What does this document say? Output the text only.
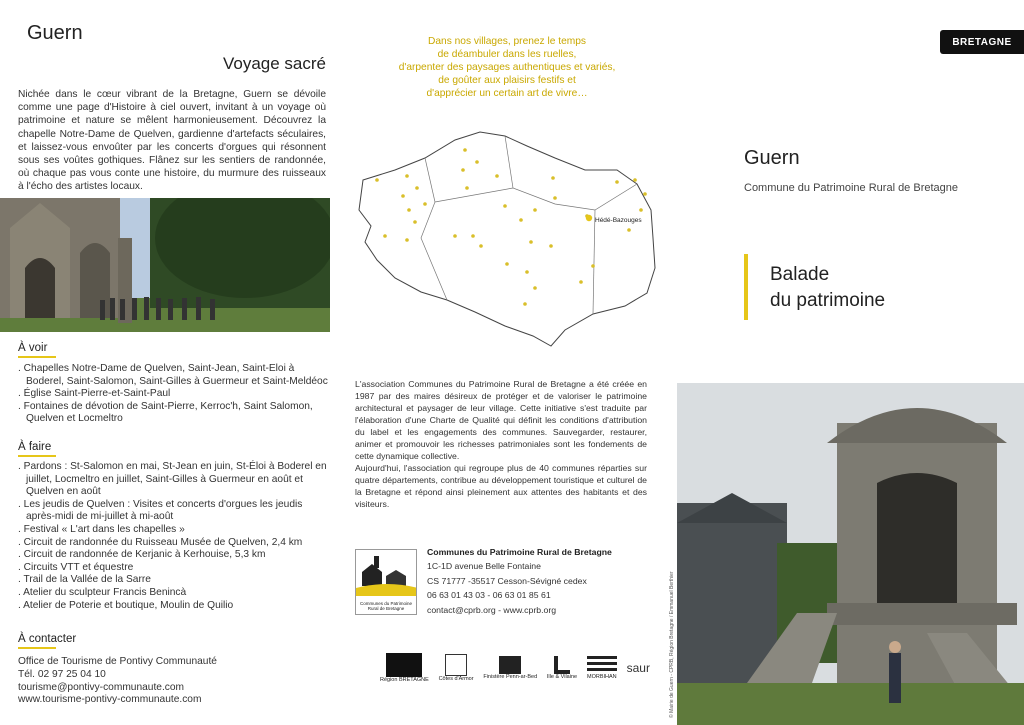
Guern
Voyage sacré
Nichée dans le cœur vibrant de la Bretagne, Guern se dévoile comme une page d'Histoire à ciel ouvert, invitant à un voyage où patrimoine et nature se mêlent harmonieusement. Découvrez la chapelle Notre-Dame de Quelven, gardienne d'artefacts séculaires, et laissez-vous envoûter par les concerts d'orgues qui résonnent sous ses voûtes gothiques. Flânez sur les sentiers de randonnée, où chaque pas vous conte une histoire, du murmure des ruisseaux à l'écho des artistes locaux.
À voir
. Chapelles Notre-Dame de Quelven, Saint-Jean, Saint-Eloi à Boderel, Saint-Salomon, Saint-Gilles à Guermeur et Saint-Meldéoc
. Église Saint-Pierre-et-Saint-Paul
. Fontaines de dévotion de Saint-Pierre, Kerroc'h, Saint Salomon, Quelven et Locmeltro
À faire
. Pardons : St-Salomon en mai, St-Jean en juin, St-Éloi à Boderel en juillet, Locmeltro en juillet, Saint-Gilles à Guermeur en août et Quelven en août
. Les jeudis de Quelven : Visites et concerts d'orgues les jeudis après-midi de mi-juillet à mi-août
. Festival « L'art dans les chapelles »
. Circuit de randonnée du Ruisseau Musée de Quelven, 2,4 km
. Circuit de randonnée de Kerjanic à Kerhouise, 5,3 km
. Circuits VTT et équestre
. Trail de la Vallée de la Sarre
. Atelier du sculpteur Francis Benincà
. Atelier de Poterie et boutique, Moulin de Quilio
À contacter
Office de Tourisme de Pontivy Communauté
Tél. 02 97 25 04 10
tourisme@pontivy-communaute.com
www.tourisme-pontivy-communaute.com
Dans nos villages, prenez le temps
de déambuler dans les ruelles,
d'arpenter des paysages authentiques et variés,
de goûter aux plaisirs festifs et
d'apprécier un certain art de vivre…
Hédé-Bazouges
L'association Communes du Patrimoine Rural de Bretagne a été créée en 1987 par des maires désireux de protéger et de valoriser le patrimoine architectural et paysager de leur village. Cette initiative s'est traduite par l'élaboration d'une Charte de Qualité qui définit les conditions d'attribution du label et les engagements des communes. Sauvegarder, restaurer, animer et promouvoir les richesses patrimoniales sont les fondements de cette dynamique collective.
Aujourd'hui, l'association qui regroupe plus de 40 communes réparties sur quatre départements, contribue au développement touristique et culturel de la Bretagne et répond ainsi pleinement aux attentes des habitants et des visiteurs.
Communes du Patrimoine Rural de Bretagne
Communes du Patrimoine Rural de Bretagne
1C-1D avenue Belle Fontaine
CS 71777 -35517 Cesson-Sévigné cedex
06 63 01 43 03 - 06 63 01 85 61
contact@cprb.org - www.cprb.org
Région BRETAGNE Côtes d'Armor Finistère Penn-ar-Bed Ille & Vilaine MORBIHAN
saur
BRETAGNE
Guern
Commune du Patrimoine Rural de Bretagne
Balade
du patrimoine
© Mairie de Guern - CPRB, Région Bretagne / Emmanuel Berthier
